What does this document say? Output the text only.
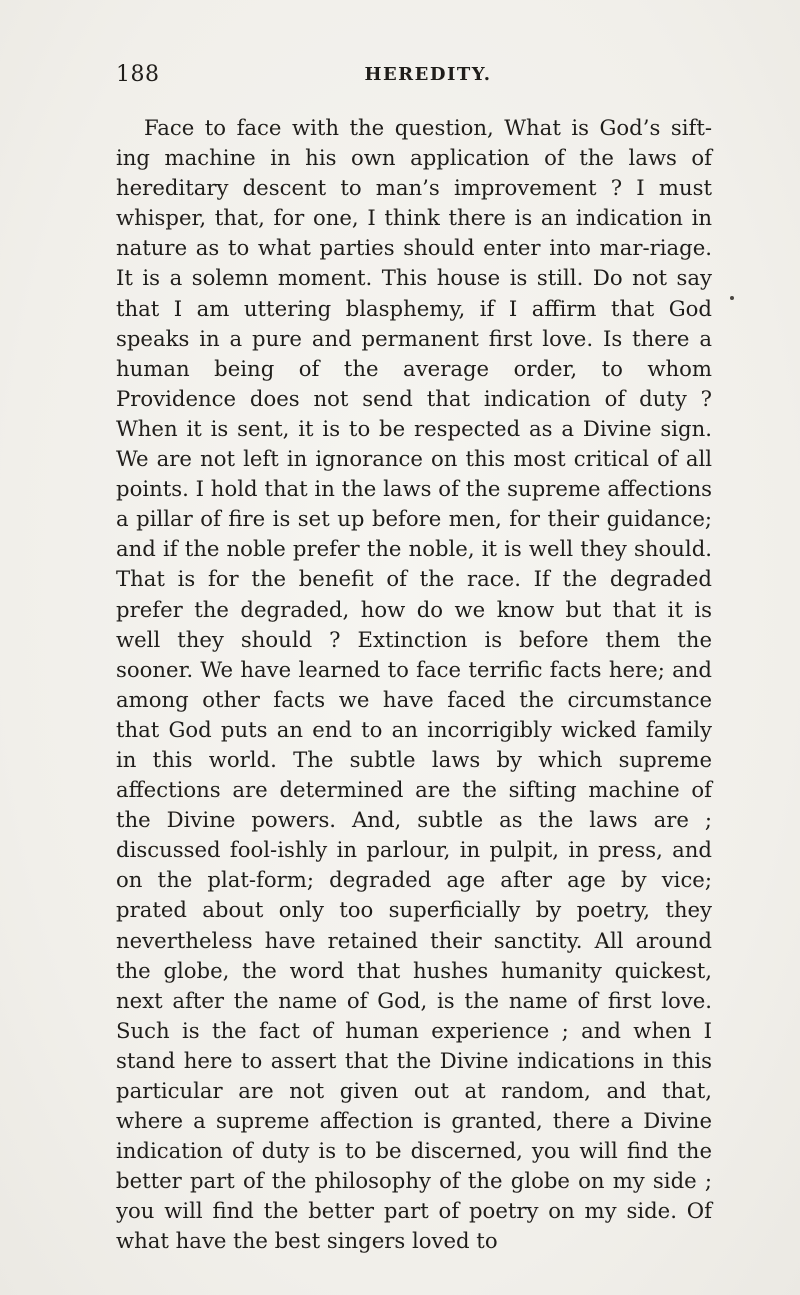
188	HEREDITY.

Face to face with the question, What is God’s sift-ing machine in his own application of the laws of hereditary descent to man’s improvement ? I must whisper, that, for one, I think there is an indication in nature as to what parties should enter into mar-riage. It is a solemn moment. This house is still. Do not say that I am uttering blasphemy, if I affirm that God speaks in a pure and permanent first love. Is there a human being of the average order, to whom Providence does not send that indication of duty ? When it is sent, it is to be respected as a Divine sign. We are not left in ignorance on this most critical of all points. I hold that in the laws of the supreme affections a pillar of fire is set up before men, for their guidance; and if the noble prefer the noble, it is well they should. That is for the benefit of the race. If the degraded prefer the degraded, how do we know but that it is well they should ? Extinction is before them the sooner. We have learned to face terrific facts here; and among other facts we have faced the circumstance that God puts an end to an incorrigibly wicked family in this world. The subtle laws by which supreme affections are determined are the sifting machine of the Divine powers. And, subtle as the laws are ; discussed fool-ishly in parlour, in pulpit, in press, and on the plat-form; degraded age after age by vice; prated about only too superficially by poetry, they nevertheless have retained their sanctity. All around the globe, the word that hushes humanity quickest, next after the name of God, is the name of first love. Such is the fact of human experience ; and when I stand here to assert that the Divine indications in this particular are not given out at random, and that, where a supreme affection is granted, there a Divine indication of duty is to be discerned, you will find the better part of the philosophy of the globe on my side ; you will find the better part of poetry on my side. Of what have the best singers loved to
